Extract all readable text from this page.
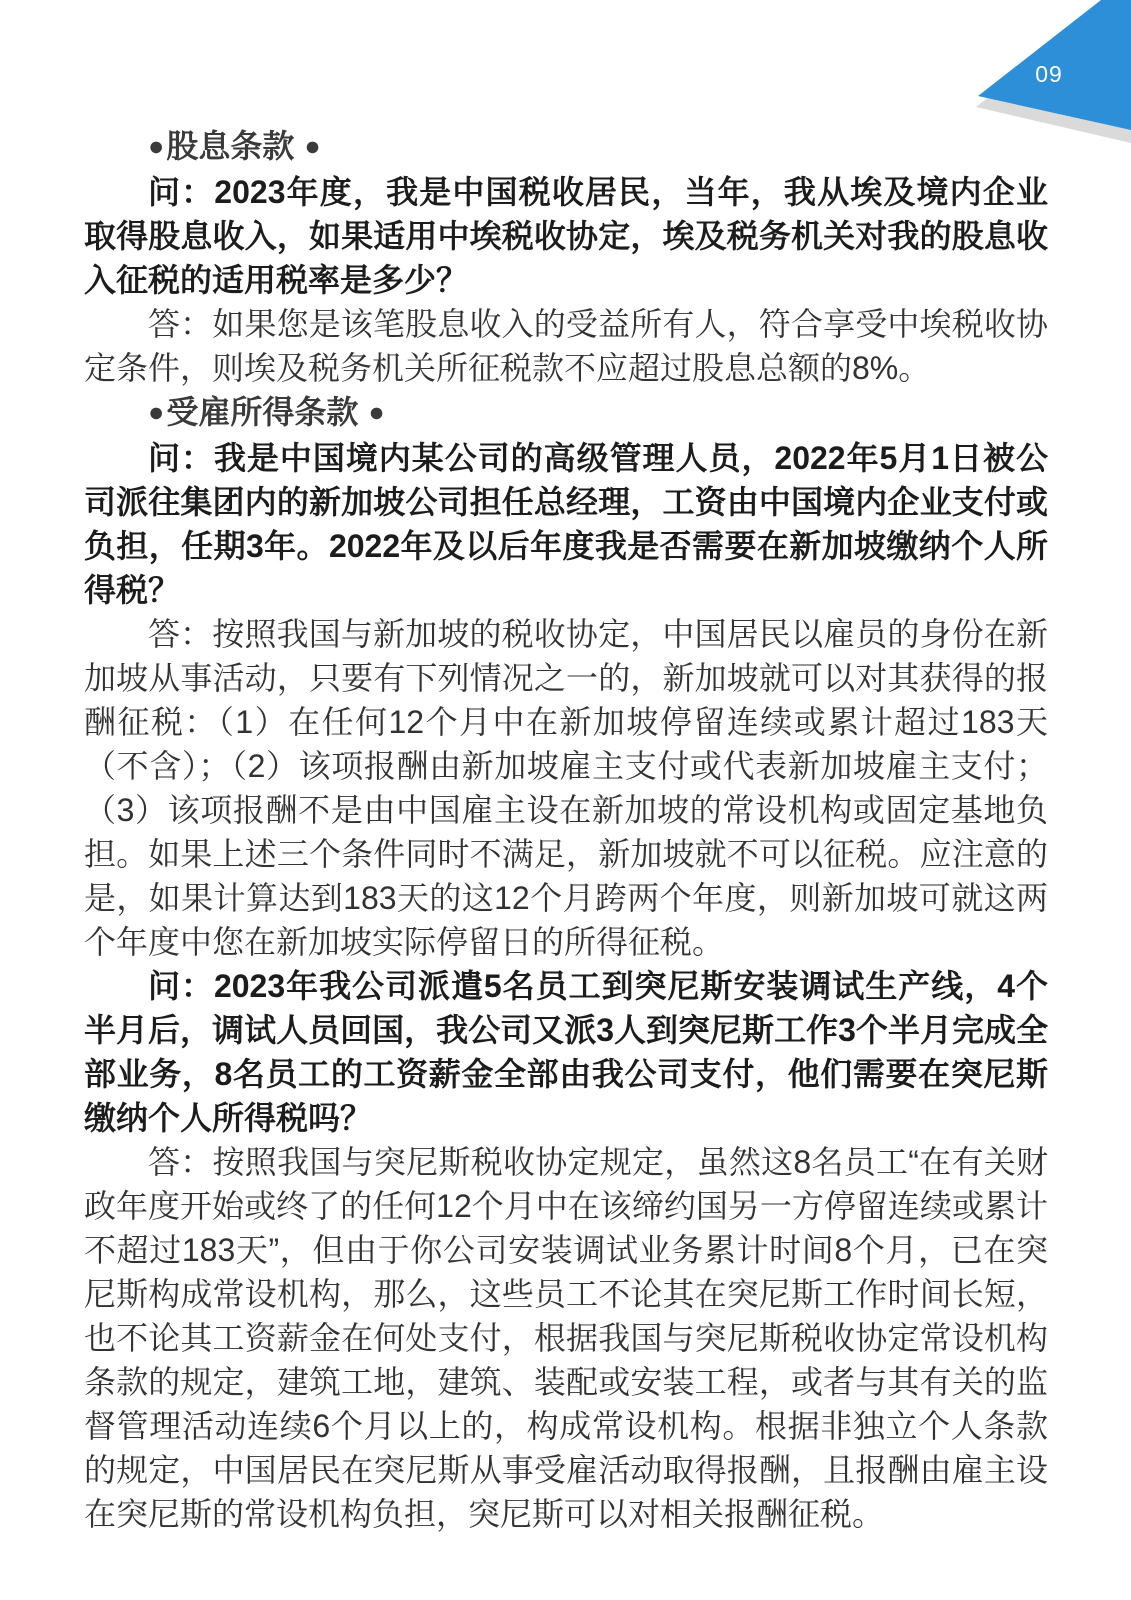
09

●股息条款 ●

问：2023年度，我是中国税收居民，当年，我从埃及境内企业取得股息收入，如果适用中埃税收协定，埃及税务机关对我的股息收入征税的适用税率是多少？

答：如果您是该笔股息收入的受益所有人，符合享受中埃税收协定条件，则埃及税务机关所征税款不应超过股息总额的8%。

●受雇所得条款 ●

问：我是中国境内某公司的高级管理人员，2022年5月1日被公司派往集团内的新加坡公司担任总经理，工资由中国境内企业支付或负担，任期3年。2022年及以后年度我是否需要在新加坡缴纳个人所得税？

答：按照我国与新加坡的税收协定，中国居民以雇员的身份在新加坡从事活动，只要有下列情况之一的，新加坡就可以对其获得的报酬征税：（1）在任何12个月中在新加坡停留连续或累计超过183天（不含）；（2）该项报酬由新加坡雇主支付或代表新加坡雇主支付；（3）该项报酬不是由中国雇主设在新加坡的常设机构或固定基地负担。如果上述三个条件同时不满足，新加坡就不可以征税。应注意的是，如果计算达到183天的这12个月跨两个年度，则新加坡可就这两个年度中您在新加坡实际停留日的所得征税。

问：2023年我公司派遣5名员工到突尼斯安装调试生产线，4个半月后，调试人员回国，我公司又派3人到突尼斯工作3个半月完成全部业务，8名员工的工资薪金全部由我公司支付，他们需要在突尼斯缴纳个人所得税吗？

答：按照我国与突尼斯税收协定规定，虽然这8名员工“在有关财政年度开始或终了的任何12个月中在该缔约国另一方停留连续或累计不超过183天”，但由于你公司安装调试业务累计时间8个月，已在突尼斯构成常设机构，那么，这些员工不论其在突尼斯工作时间长短，也不论其工资薪金在何处支付，根据我国与突尼斯税收协定常设机构条款的规定，建筑工地，建筑、装配或安装工程，或者与其有关的监督管理活动连续6个月以上的，构成常设机构。根据非独立个人条款的规定，中国居民在突尼斯从事受雇活动取得报酬，且报酬由雇主设在突尼斯的常设机构负担，突尼斯可以对相关报酬征税。
